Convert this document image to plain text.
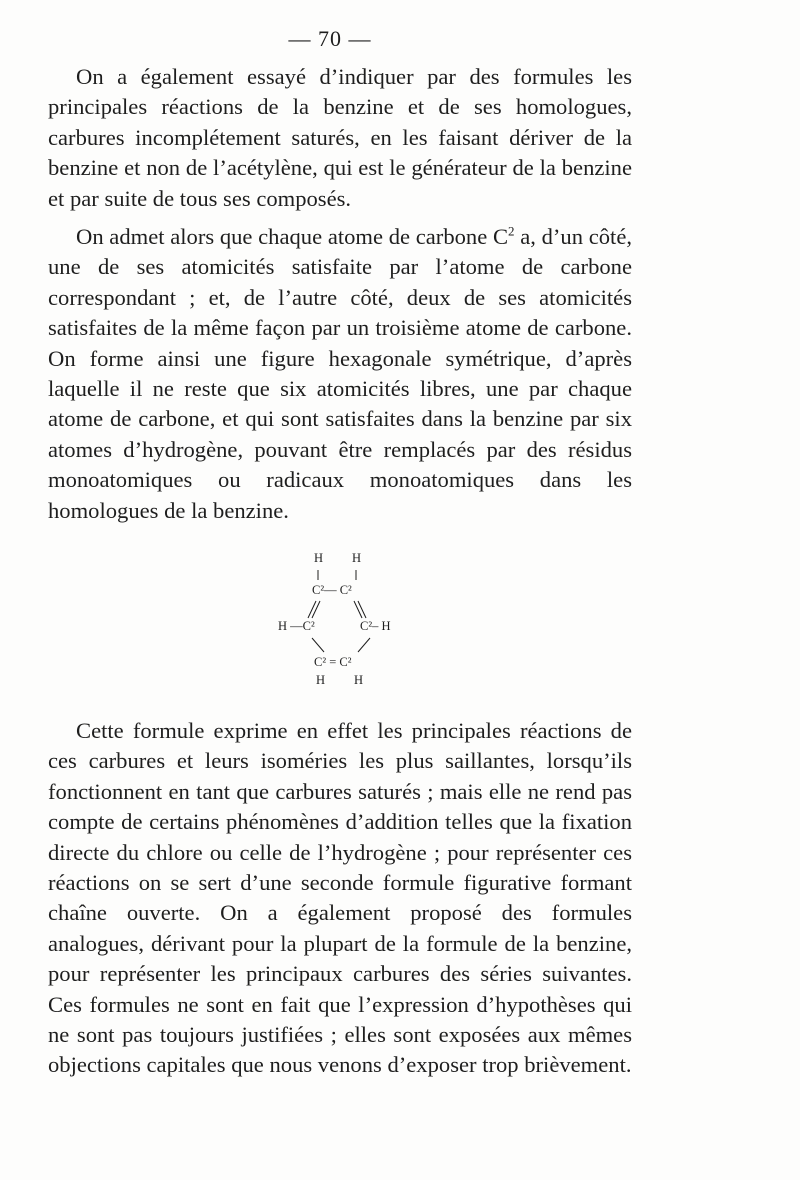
— 70 —

On a également essayé d’indiquer par des formules les principales réactions de la benzine et de ses homologues, carbures incomplétement saturés, en les faisant dériver de la benzine et non de l’acétylène, qui est le générateur de la benzine et par suite de tous ses composés.

On admet alors que chaque atome de carbone $C^2$ a, d’un côté, une de ses atomicités satisfaite par l’atome de carbone correspondant ; et, de l’autre côté, deux de ses atomicités satisfaites de la même façon par un troisième atome de carbone. On forme ainsi une figure hexagonale symétrique, d’après laquelle il ne reste que six atomicités libres, une par chaque atome de carbone, et qui sont satisfaites dans la benzine par six atomes d’hydrogène, pouvant être remplacés par des résidus monoatomiques ou radicaux monoatomiques dans les homologues de la benzine.

H H
C²— C²
H —C²	C²– H
C² = C²
H H

Cette formule exprime en effet les principales réactions de ces carbures et leurs isoméries les plus saillantes, lorsqu’ils fonctionnent en tant que carbures saturés ; mais elle ne rend pas compte de certains phénomènes d’addition telles que la fixation directe du chlore ou celle de l’hydrogène ; pour représenter ces réactions on se sert d’une seconde formule figurative formant chaîne ouverte. On a également proposé des formules analogues, dérivant pour la plupart de la formule de la benzine, pour représenter les principaux carbures des séries suivantes. Ces formules ne sont en fait que l’expression d’hypothèses qui ne sont pas toujours justifiées ; elles sont exposées aux mêmes objections capitales que nous venons d’exposer trop brièvement.
